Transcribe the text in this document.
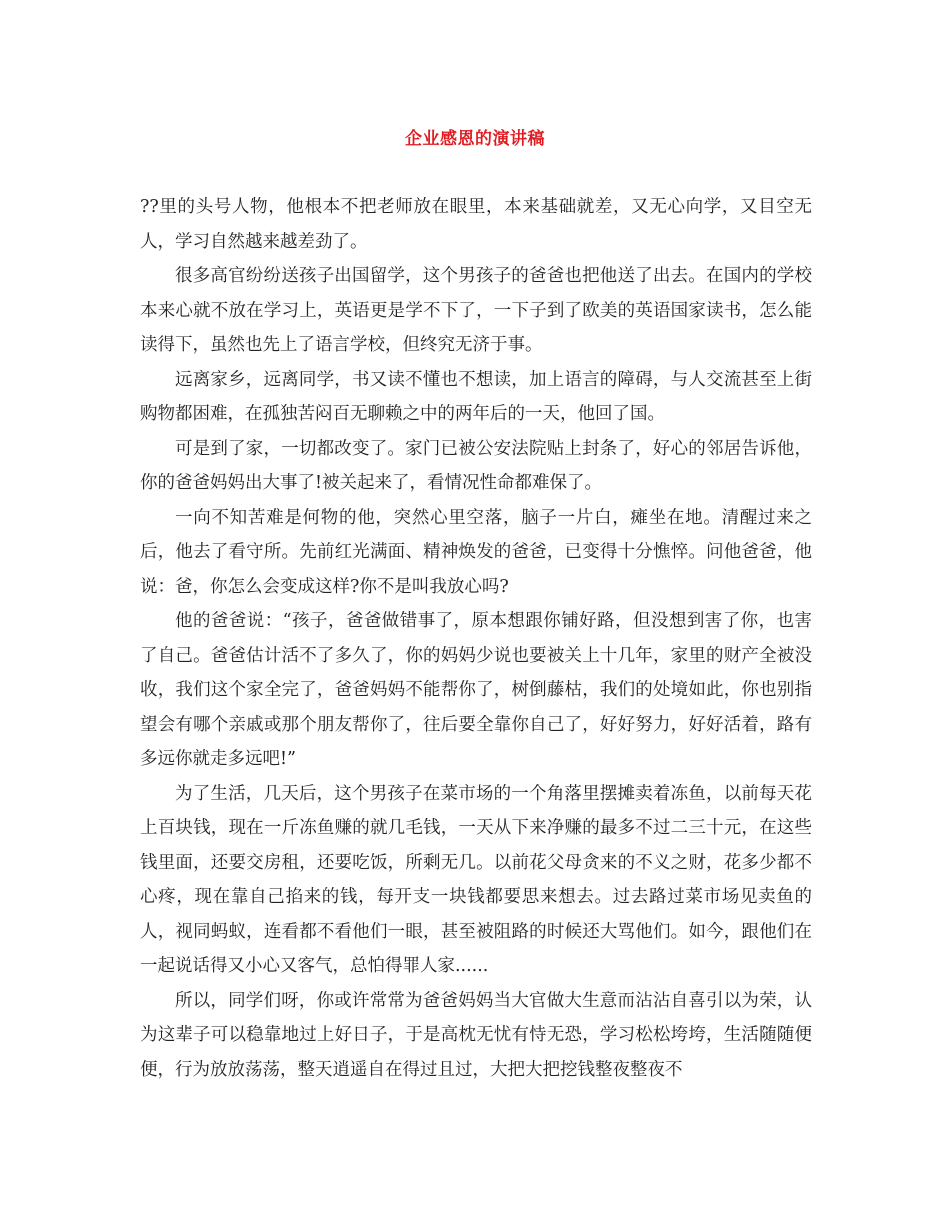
企业感恩的演讲稿

??里的头号人物，他根本不把老师放在眼里，本来基础就差，又无心向学，又目空无人，学习自然越来越差劲了。

很多高官纷纷送孩子出国留学，这个男孩子的爸爸也把他送了出去。在国内的学校本来心就不放在学习上，英语更是学不下了，一下子到了欧美的英语国家读书，怎么能读得下，虽然也先上了语言学校，但终究无济于事。

远离家乡，远离同学，书又读不懂也不想读，加上语言的障碍，与人交流甚至上街购物都困难，在孤独苦闷百无聊赖之中的两年后的一天，他回了国。

可是到了家，一切都改变了。家门已被公安法院贴上封条了，好心的邻居告诉他，你的爸爸妈妈出大事了!被关起来了，看情况性命都难保了。

一向不知苦难是何物的他，突然心里空落，脑子一片白，瘫坐在地。清醒过来之后，他去了看守所。先前红光满面、精神焕发的爸爸，已变得十分憔悴。问他爸爸，他说：爸，你怎么会变成这样?你不是叫我放心吗?

他的爸爸说：“孩子，爸爸做错事了，原本想跟你铺好路，但没想到害了你，也害了自己。爸爸估计活不了多久了，你的妈妈少说也要被关上十几年，家里的财产全被没收，我们这个家全完了，爸爸妈妈不能帮你了，树倒藤枯，我们的处境如此，你也别指望会有哪个亲戚或那个朋友帮你了，往后要全靠你自己了，好好努力，好好活着，路有多远你就走多远吧!”

为了生活，几天后，这个男孩子在菜市场的一个角落里摆摊卖着冻鱼，以前每天花上百块钱，现在一斤冻鱼赚的就几毛钱，一天从下来净赚的最多不过二三十元，在这些钱里面，还要交房租，还要吃饭，所剩无几。以前花父母贪来的不义之财，花多少都不心疼，现在靠自己掐来的钱，每开支一块钱都要思来想去。过去路过菜市场见卖鱼的人，视同蚂蚁，连看都不看他们一眼，甚至被阻路的时候还大骂他们。如今，跟他们在一起说话得又小心又客气，总怕得罪人家......

所以，同学们呀，你或许常常为爸爸妈妈当大官做大生意而沾沾自喜引以为荣，认为这辈子可以稳靠地过上好日子，于是高枕无忧有恃无恐，学习松松垮垮，生活随随便便，行为放放荡荡，整天逍遥自在得过且过，大把大把挖钱整夜整夜不
